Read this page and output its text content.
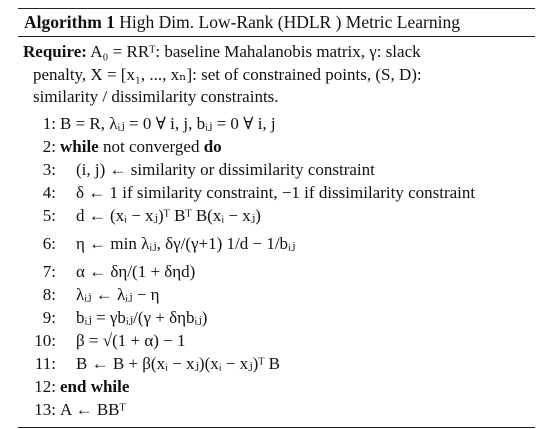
Algorithm 1 High Dim. Low-Rank (HDLR ) Metric Learning
Require: A₀ = RRᵀ: baseline Mahalanobis matrix, γ: slack
penalty, X = [x₁, ..., xₙ]: set of constrained points, (S, D):
similarity / dissimilarity constraints.
1: B = R, λᵢⱼ = 0 ∀ i, j, bᵢⱼ = 0 ∀ i, j
2: while not converged do
3: (i, j) ← similarity or dissimilarity constraint
4: δ ← 1 if similarity constraint, −1 if dissimilarity constraint
5: d ← (xᵢ − xⱼ)ᵀ Bᵀ B(xᵢ − xⱼ)
6: η ← min λᵢⱼ, δγ/(γ+1) 1/d − 1/bᵢⱼ
7: α ← δη/(1 + δηd)
8: λᵢⱼ ← λᵢⱼ − η
9: bᵢⱼ = γbᵢⱼ/(γ + δηbᵢⱼ)
10: β = √(1 + α) − 1
11: B ← B + β(xᵢ − xⱼ)(xᵢ − xⱼ)ᵀ B
12: end while
13: A ← BBᵀ
